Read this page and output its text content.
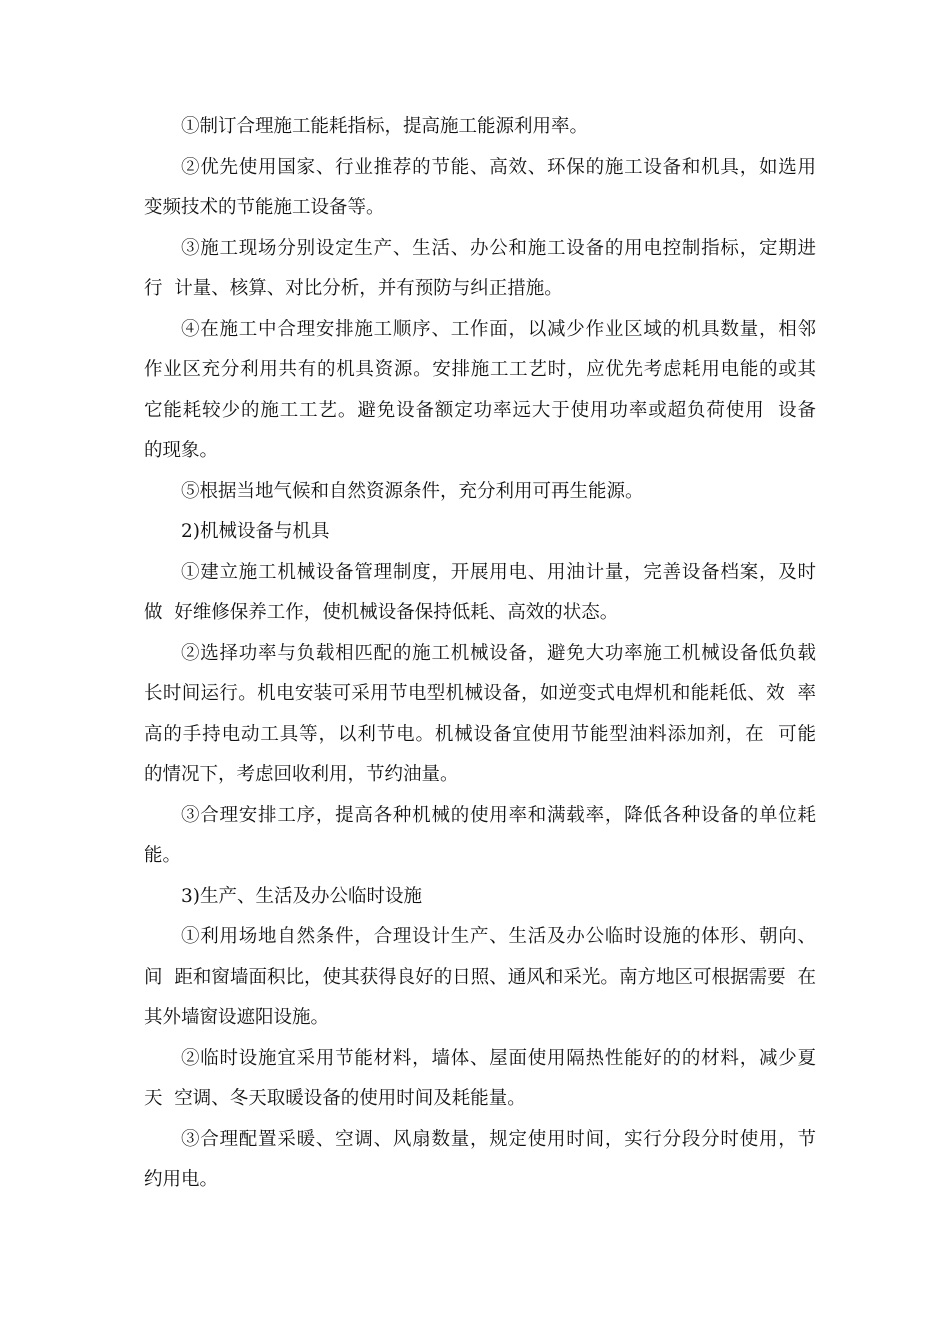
①制订合理施工能耗指标，提高施工能源利用率。

②优先使用国家、行业推荐的节能、高效、环保的施工设备和机具，如选用
变频技术的节能施工设备等。

③施工现场分别设定生产、生活、办公和施工设备的用电控制指标，定期进
行  计量、核算、对比分析，并有预防与纠正措施。

④在施工中合理安排施工顺序、工作面，以减少作业区域的机具数量，相邻
作业区充分利用共有的机具资源。安排施工工艺时，应优先考虑耗用电能的或其
它能耗较少的施工工艺。避免设备额定功率远大于使用功率或超负荷使用  设备
的现象。

⑤根据当地气候和自然资源条件，充分利用可再生能源。

2)机械设备与机具

①建立施工机械设备管理制度，开展用电、用油计量，完善设备档案，及时
做  好维修保养工作，使机械设备保持低耗、高效的状态。

②选择功率与负载相匹配的施工机械设备，避免大功率施工机械设备低负载
长时间运行。机电安装可采用节电型机械设备，如逆变式电焊机和能耗低、效  率
高的手持电动工具等，以利节电。机械设备宜使用节能型油料添加剂，在  可能
的情况下，考虑回收利用，节约油量。

③合理安排工序，提高各种机械的使用率和满载率，降低各种设备的单位耗
能。

3)生产、生活及办公临时设施

①利用场地自然条件，合理设计生产、生活及办公临时设施的体形、朝向、
间  距和窗墙面积比，使其获得良好的日照、通风和采光。南方地区可根据需要  在
其外墙窗设遮阳设施。

②临时设施宜采用节能材料，墙体、屋面使用隔热性能好的的材料，减少夏
天  空调、冬天取暖设备的使用时间及耗能量。

③合理配置采暖、空调、风扇数量，规定使用时间，实行分段分时使用，节
约用电。
